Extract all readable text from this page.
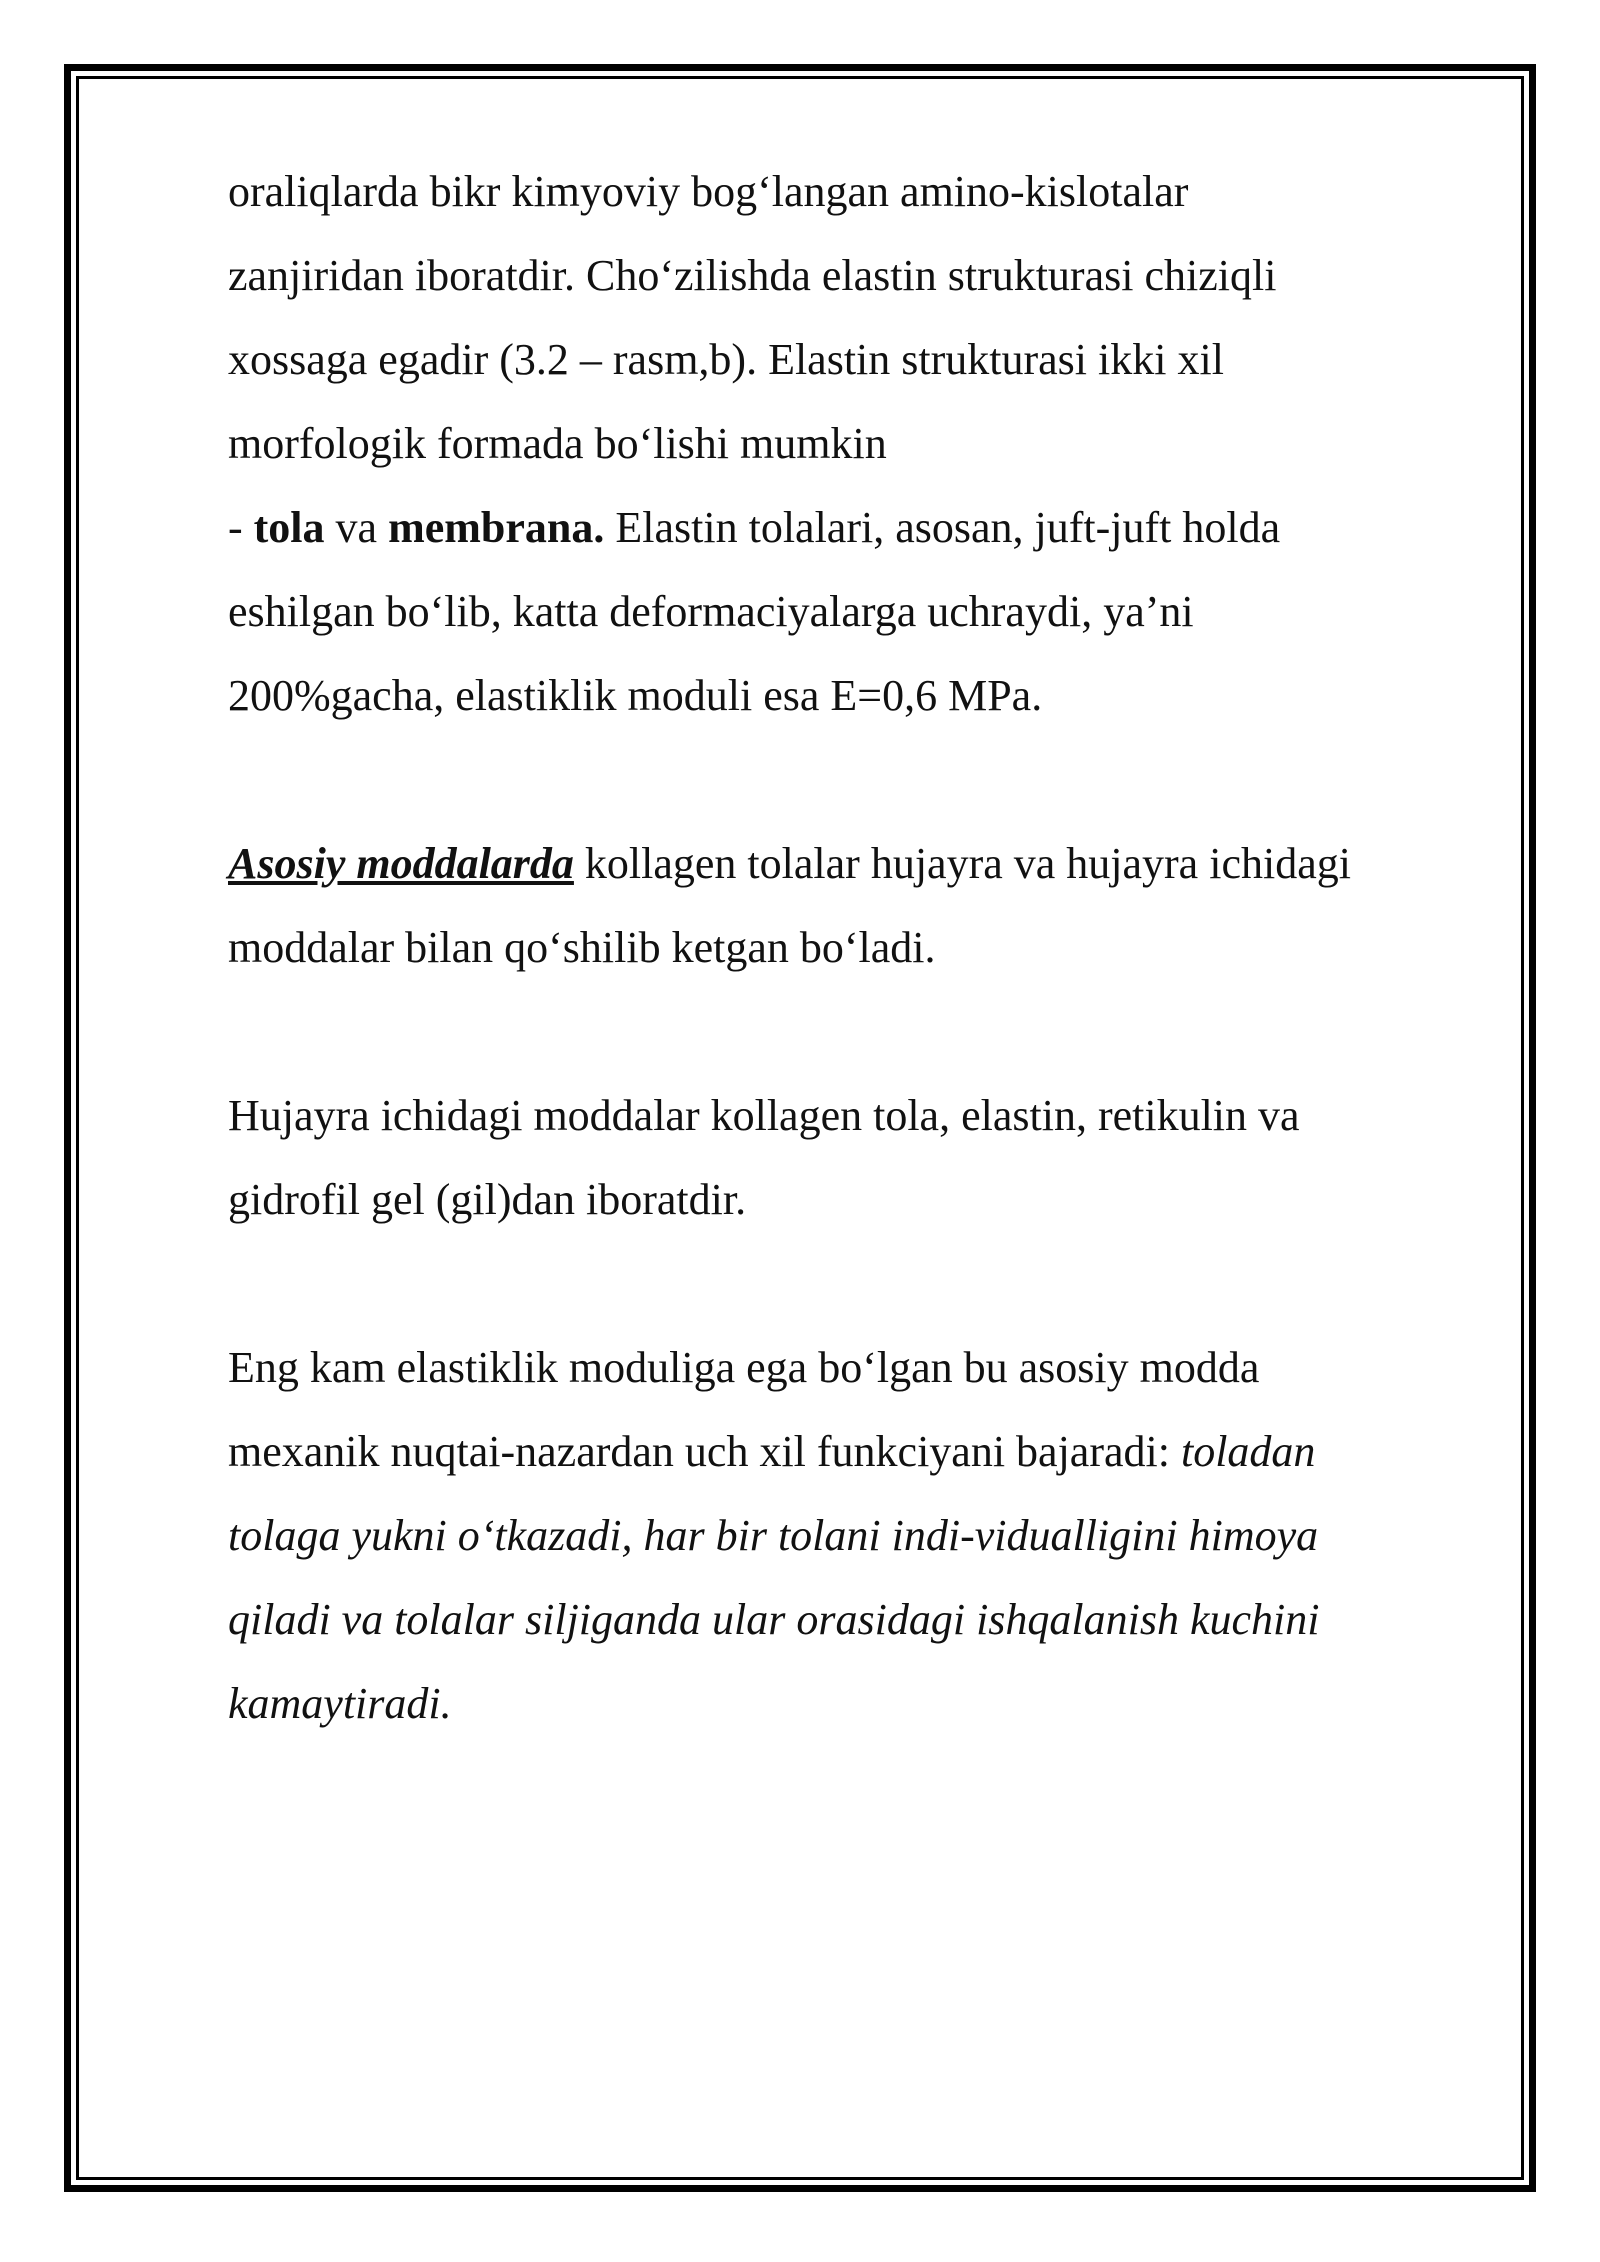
oraliqlarda bikr kimyoviy bog‘langan amino-kislotalar

zanjiridan iboratdir. Cho‘zilishda elastin strukturasi chiziqli

xossaga egadir (3.2 – rasm,b). Elastin strukturasi ikki xil

morfologik formada bo‘lishi mumkin

- tola va membrana. Elastin tolalari, asosan, juft-juft holda

eshilgan bo‘lib, katta deformaciyalarga uchraydi, ya’ni

200%gacha, elastiklik moduli esa E=0,6 MPa.

Asosiy moddalarda kollagen tolalar hujayra va hujayra ichidagi

moddalar bilan qo‘shilib ketgan bo‘ladi.

Hujayra ichidagi moddalar kollagen tola, elastin, retikulin va

gidrofil gel (gil)dan iboratdir.

Eng kam elastiklik moduliga ega bo‘lgan bu asosiy modda

mexanik nuqtai-nazardan uch xil funkciyani bajaradi: toladan

tolaga yukni o‘tkazadi, har bir tolani indi-vidualligini himoya

qiladi va tolalar siljiganda ular orasidagi ishqalanish kuchini

kamaytiradi.
